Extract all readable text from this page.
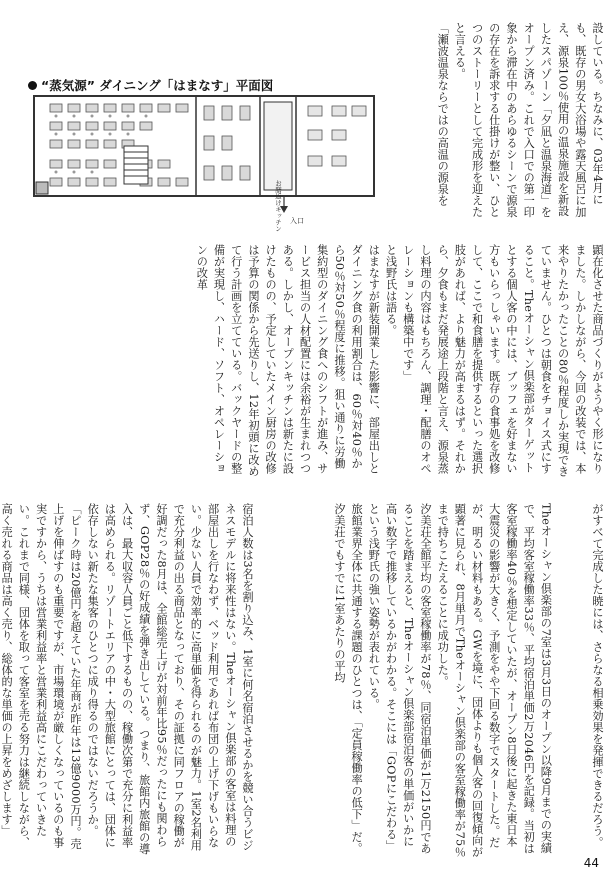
“蒸気源” ダイニング「はまなす」平面図
お膳返けキッチン 入口
設している。ちなみに、03年4月にも、既存の男女大浴場や露天風呂に加え、源泉100％使用の温泉施設を新設したスパゾーン「夕凪と温泉海道」をオープン済み。これで入口での第一印象から滞在中のあらゆるシーンで源泉の存在を訴求する仕掛けが整い、ひとつのストーリーとして完成形を迎えたと言える。
「瀬波温泉ならではの高温の源泉を
顕在化させた商品づくりがようやく形になりました。しかしながら、今回の改装では、本来やりたかったことの80％程度しか実現できていません。ひとつは朝食をチョイス式にすること。Theオーシャン倶楽部がターゲットとする個人客の中には、ブッフェを好まない方もいらっしゃいます。既存の食事処を改修して、ここで和食膳を提供するといった選択肢があれば、より魅力が高まるはず。それから、夕食もまだ発展途上段階と言え、源泉蒸し料理の内容はもちろん、調理・配膳のオペレーションも構築中です」
と浅野氏は語る。
はまなすが新装開業した影響に、部屋出しとダイニング食の利用割合は、60％対40％から50％対50％程度に推移。狙い通りに労働集約型のダイニング食へのシフトが進み、サービス担当の人材配置には余裕が生まれつつある。しかし、オープンキッチンは新たに設けたものの、予定していたメイン厨房の改修は予算の関係から先送りし、12年初頭に改めて行う計画を立てている。バックヤードの整備が実現し、ハード、ソフト、オペレーションの改革
がすべて完成した暁には、さらなる相乗効果を発揮できるだろう。

Theオーシャン倶楽部の7室は3月3日のオープン以降9月までの実績で、平均客室稼働率33％、平均宿泊単価2万2046円を記録。当初は客室稼働率40％を想定していたが、オープン8日後に起きた東日本大震災の影響が大きく、予測をやや下回る数字でスタートした。だが、明るい材料もある。GWを境に、団体よりも個人客の回復傾向が顕著に見られ、8月単月でTheオーシャン倶楽部の客室稼働率が75％まで持ちこたえることに成功した。
汐美荘全館平均の客室稼働率が78％、同宿泊単価が1万2150円であることを踏まえると、Theオーシャン倶楽部宿泊客の単価がいかに高い数字で推移しているかがわかる。そこには「GOPにこだわる」という浅野氏の強い姿勢が表れている。
旅館業界全体に共通する課題のひとつは、「定員稼働率の低下」だ。汐美荘でもすでに1室あたりの平均
宿泊人数は3名を割り込み、1室に何名宿泊させるかを競い合うビジネスモデルに将来性はない。Theオーシャン倶楽部の客室は料理の部屋出しを行なわず、ベッド利用であれば布団の上げ下げもいらない。少ない人員で効率的に高単価を得られるのが魅力。1室2名利用で充分利益の出る商品となっており、その証拠に同フロアの稼働が好調だった8月は、全館総売上げが対前年比95％だったにも関わらず、GOP28％の好成績を弾き出している。つまり、旅館内旅館の導入は、最大収容人員ごと低下するものの、稼働次第で充分に利益率は高められる。リゾートエリアの中・大型旅館にとっては、団体に依存しない新たな集客のひとつに成り得るのではないだろうか。
「ピーク時は20億円を超えていた年商が昨年は13億9000万円。売上げを伸ばすのも重要ですが、市場環境が厳しくなっているのも事実ですから、うちは営業利益率と営業利益高にこだわっていきたい。これまで同様、団体を取って客室を売る努力は継続しながら、高く売れる商品は高く売り、総体的な単価の上昇をめざします」
44
